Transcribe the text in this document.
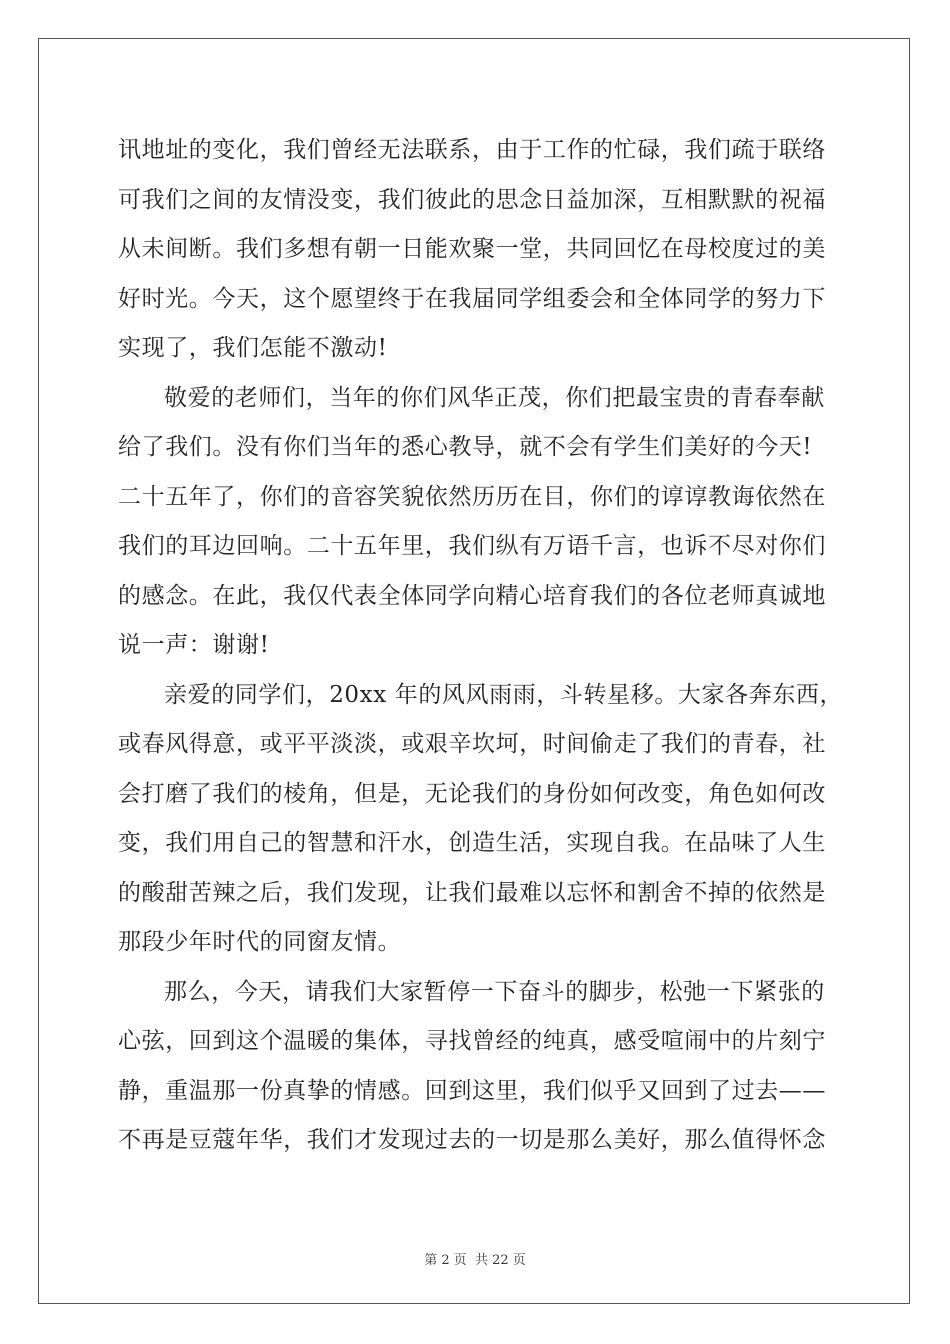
讯地址的变化，我们曾经无法联系，由于工作的忙碌，我们疏于联络
可我们之间的友情没变，我们彼此的思念日益加深，互相默默的祝福
从未间断。我们多想有朝一日能欢聚一堂，共同回忆在母校度过的美
好时光。今天，这个愿望终于在我届同学组委会和全体同学的努力下
实现了，我们怎能不激动!
敬爱的老师们，当年的你们风华正茂，你们把最宝贵的青春奉献
给了我们。没有你们当年的悉心教导，就不会有学生们美好的今天!
二十五年了，你们的音容笑貌依然历历在目，你们的谆谆教诲依然在
我们的耳边回响。二十五年里，我们纵有万语千言，也诉不尽对你们
的感念。在此，我仅代表全体同学向精心培育我们的各位老师真诚地
说一声：谢谢!
亲爱的同学们，20xx 年的风风雨雨，斗转星移。大家各奔东西，
或春风得意，或平平淡淡，或艰辛坎坷，时间偷走了我们的青春，社
会打磨了我们的棱角，但是，无论我们的身份如何改变，角色如何改
变，我们用自己的智慧和汗水，创造生活，实现自我。在品味了人生
的酸甜苦辣之后，我们发现，让我们最难以忘怀和割舍不掉的依然是
那段少年时代的同窗友情。
那么，今天，请我们大家暂停一下奋斗的脚步，松弛一下紧张的
心弦，回到这个温暖的集体，寻找曾经的纯真，感受喧闹中的片刻宁
静，重温那一份真挚的情感。回到这里，我们似乎又回到了过去——
不再是豆蔻年华，我们才发现过去的一切是那么美好，那么值得怀念
第 2 页 共 22 页
